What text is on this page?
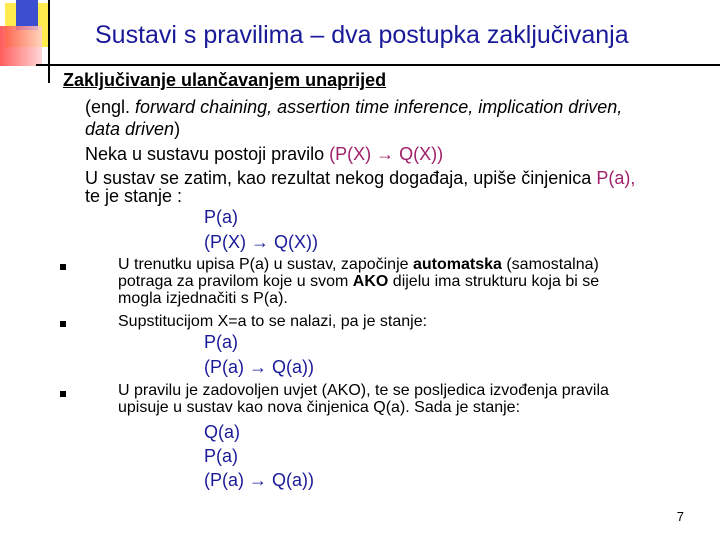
Sustavi s pravilima – dva postupka zaključivanja
Zaključivanje ulančavanjem unaprijed
(engl. forward chaining, assertion time inference, implication driven,
data driven)
Neka u sustavu postoji pravilo (P(X) → Q(X))
U sustav se zatim, kao rezultat nekog događaja, upiše činjenica P(a),
te je stanje :
P(a)
(P(X) → Q(X))
U trenutku upisa P(a) u sustav, započinje automatska (samostalna)
potraga za pravilom koje u svom AKO dijelu ima strukturu koja bi se
mogla izjednačiti s P(a).
Supstitucijom X=a to se nalazi, pa je stanje:
P(a)
(P(a) → Q(a))
U pravilu je zadovoljen uvjet (AKO), te se posljedica izvođenja pravila
upisuje u sustav kao nova činjenica Q(a). Sada je stanje:
Q(a)
P(a)
(P(a) → Q(a))
7
